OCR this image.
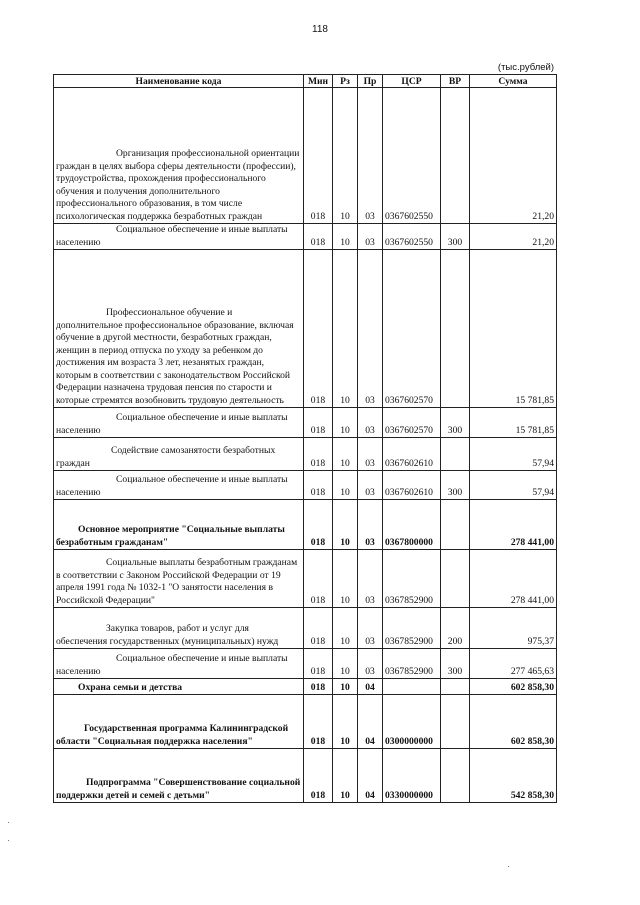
118
(тыс.рублей)
Наименование кода	Мин	Рз	Пр	ЦСР	ВР	Сумма

Организация профессиональной ориентации граждан в целях выбора сферы деятельности (профессии), трудоустройства, прохождения профессионального обучения и получения дополнительного профессионального образования, в том числе психологическая поддержка безработных граждан	018	10	03	0367602550		21,20

Социальное обеспечение и иные выплаты населению	018	10	03	0367602550	300	21,20

Профессиональное обучение и дополнительное профессиональное образование, включая обучение в другой местности, безработных граждан, женщин в период отпуска по уходу за ребенком до достижения им возраста 3 лет, незанятых граждан, которым в соответствии с законодательством Российской Федерации назначена трудовая пенсия по старости и которые стремятся возобновить трудовую деятельность	018	10	03	0367602570		15 781,85

Социальное обеспечение и иные выплаты населению	018	10	03	0367602570	300	15 781,85

Содействие самозанятости безработных граждан	018	10	03	0367602610		57,94

Социальное обеспечение и иные выплаты населению	018	10	03	0367602610	300	57,94

Основное мероприятие "Социальные выплаты безработным гражданам"	018	10	03	0367800000		278 441,00

Социальные выплаты безработным гражданам в соответствии с Законом Российской Федерации от 19 апреля 1991 года № 1032-1 "О занятости населения в Российской Федерации"	018	10	03	0367852900		278 441,00

Закупка товаров, работ и услуг для обеспечения государственных (муниципальных) нужд	018	10	03	0367852900	200	975,37

Социальное обеспечение и иные выплаты населению	018	10	03	0367852900	300	277 465,63

Охрана семьи и детства	018	10	04			602 858,30

Государственная программа Калининградской области "Социальная поддержка населения"	018	10	04	0300000000		602 858,30

Подпрограмма "Совершенствование социальной поддержки детей и семей с детьми"	018	10	04	0330000000		542 858,30
